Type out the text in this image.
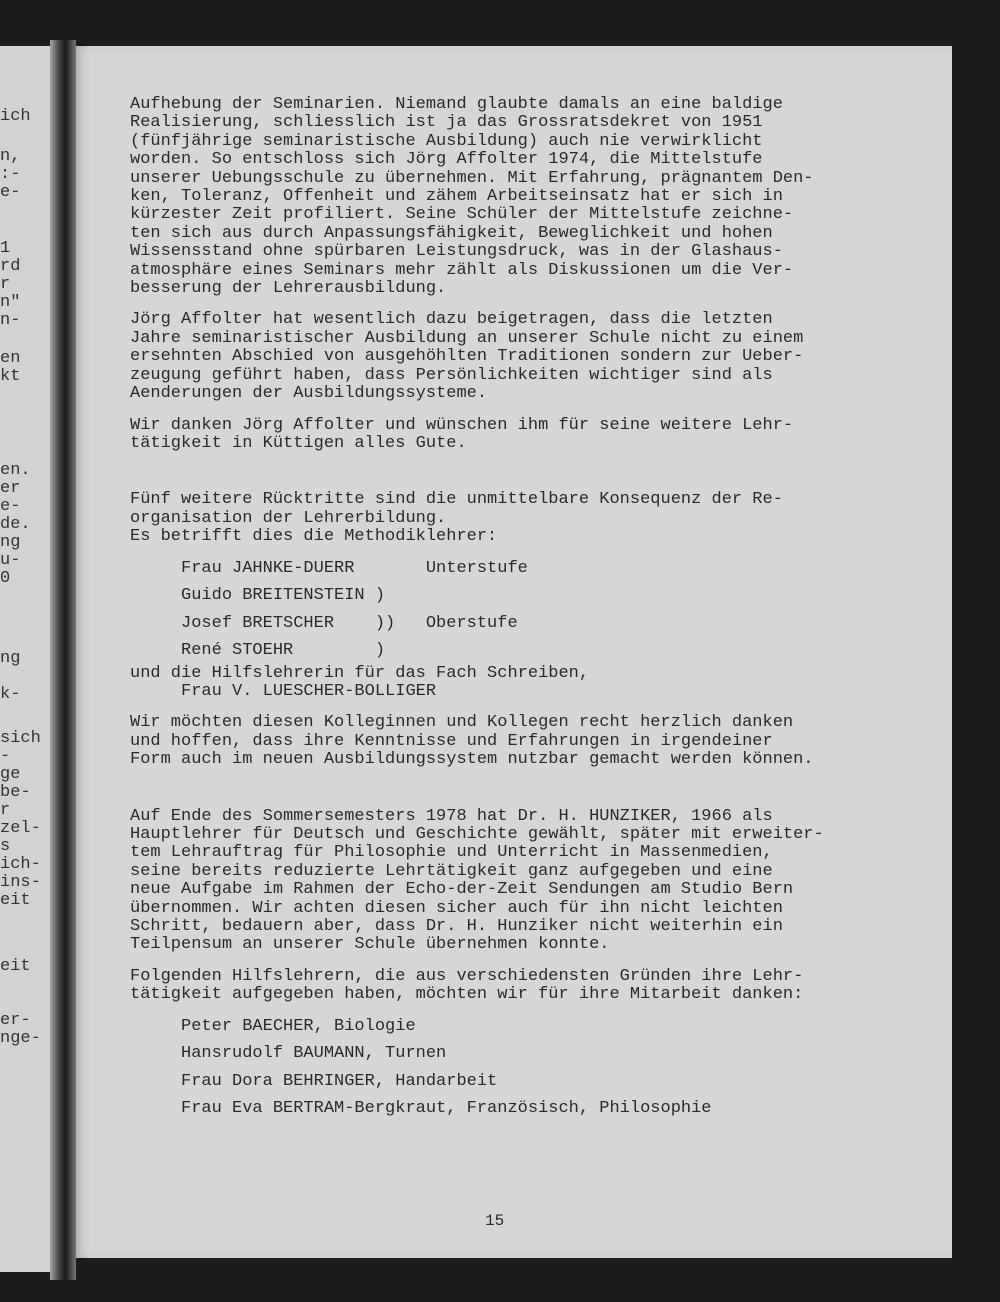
ich
n,
:-
e-
1
rd
r
n"
n-
en
kt
en.
er
e-
de.
ng
u-
0
ng
k-
sich
-
ge
be-
r
zel-
s
ich-
ins-
eit
eit
er-
nge-
Aufhebung der Seminarien. Niemand glaubte damals an eine baldige
Realisierung, schliesslich ist ja das Grossratsdekret von 1951
(fünfjährige seminaristische Ausbildung) auch nie verwirklicht
worden. So entschloss sich Jörg Affolter 1974, die Mittelstufe
unserer Uebungsschule zu übernehmen. Mit Erfahrung, prägnantem Den-
ken, Toleranz, Offenheit und zähem Arbeitseinsatz hat er sich in
kürzester Zeit profiliert. Seine Schüler der Mittelstufe zeichne-
ten sich aus durch Anpassungsfähigkeit, Beweglichkeit und hohen
Wissensstand ohne spürbaren Leistungsdruck, was in der Glashaus-
atmosphäre eines Seminars mehr zählt als Diskussionen um die Ver-
besserung der Lehrerausbildung.
Jörg Affolter hat wesentlich dazu beigetragen, dass die letzten
Jahre seminaristischer Ausbildung an unserer Schule nicht zu einem
ersehnten Abschied von ausgehöhlten Traditionen sondern zur Ueber-
zeugung geführt haben, dass Persönlichkeiten wichtiger sind als
Aenderungen der Ausbildungssysteme.
Wir danken Jörg Affolter und wünschen ihm für seine weitere Lehr-
tätigkeit in Küttigen alles Gute.
Fünf weitere Rücktritte sind die unmittelbare Konsequenz der Re-
organisation der Lehrerbildung.
Es betrifft dies die Methodiklehrer:
Frau JAHNKE-DUERR       Unterstufe
Guido BREITENSTEIN )
Josef BRETSCHER    ))   Oberstufe
René STOEHR        )
und die Hilfslehrerin für das Fach Schreiben,
Frau V. LUESCHER-BOLLIGER
Wir möchten diesen Kolleginnen und Kollegen recht herzlich danken
und hoffen, dass ihre Kenntnisse und Erfahrungen in irgendeiner
Form auch im neuen Ausbildungssystem nutzbar gemacht werden können.
Auf Ende des Sommersemesters 1978 hat Dr. H. HUNZIKER, 1966 als
Hauptlehrer für Deutsch und Geschichte gewählt, später mit erweiter-
tem Lehrauftrag für Philosophie und Unterricht in Massenmedien,
seine bereits reduzierte Lehrtätigkeit ganz aufgegeben und eine
neue Aufgabe im Rahmen der Echo-der-Zeit Sendungen am Studio Bern
übernommen. Wir achten diesen sicher auch für ihn nicht leichten
Schritt, bedauern aber, dass Dr. H. Hunziker nicht weiterhin ein
Teilpensum an unserer Schule übernehmen konnte.
Folgenden Hilfslehrern, die aus verschiedensten Gründen ihre Lehr-
tätigkeit aufgegeben haben, möchten wir für ihre Mitarbeit danken:
Peter BAECHER, Biologie
Hansrudolf BAUMANN, Turnen
Frau Dora BEHRINGER, Handarbeit
Frau Eva BERTRAM-Bergkraut, Französisch, Philosophie
15
